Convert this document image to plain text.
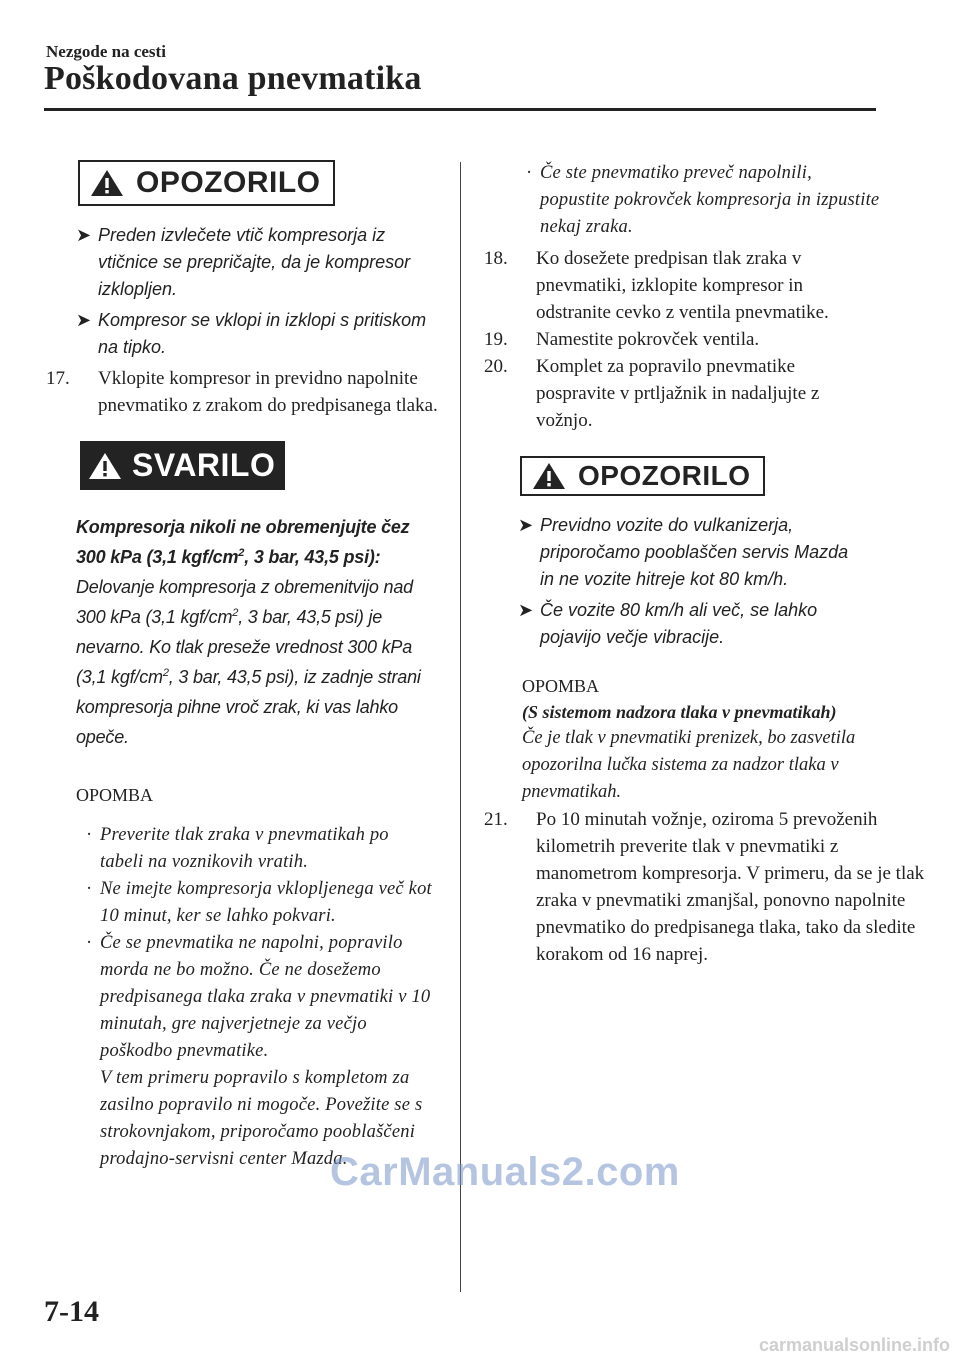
Nezgode na cesti
Poškodovana pnevmatika
OPOZORILO
➤ Preden izvlečete vtič kompresorja iz vtičnice se prepričajte, da je kompresor izklopljen.
➤ Kompresor se vklopi in izklopi s pritiskom na tipko.
17. Vklopite kompresor in previdno napolnite pnevmatiko z zrakom do predpisanega tlaka.
SVARILO
Kompresorja nikoli ne obremenjujte čez 300 kPa (3,1 kgf/$cm^2$, 3 bar, 43,5 psi):
Delovanje kompresorja z obremenitvijo nad 300 kPa (3,1 kgf/$cm^2$, 3 bar, 43,5 psi) je nevarno. Ko tlak preseže vrednost 300 kPa (3,1 kgf/$cm^2$, 3 bar, 43,5 psi), iz zadnje strani kompresorja pihne vroč zrak, ki vas lahko opeče.
OPOMBA
· Preverite tlak zraka v pnevmatikah po tabeli na voznikovih vratih.
· Ne imejte kompresorja vklopljenega več kot 10 minut, ker se lahko pokvari.
· Če se pnevmatika ne napolni, popravilo morda ne bo možno. Če ne dosežemo predpisanega tlaka zraka v pnevmatiki v 10 minutah, gre najverjetneje za večjo poškodbo pnevmatike.
V tem primeru popravilo s kompletom za zasilno popravilo ni mogoče. Povežite se s strokovnjakom, priporočamo pooblaščeni prodajno-servisni center Mazda.
· Če ste pnevmatiko preveč napolnili, popustite pokrovček kompresorja in izpustite nekaj zraka.
18. Ko dosežete predpisan tlak zraka v pnevmatiki, izklopite kompresor in odstranite cevko z ventila pnevmatike.
19. Namestite pokrovček ventila.
20. Komplet za popravilo pnevmatike pospravite v prtljažnik in nadaljujte z vožnjo.
OPOZORILO
➤ Previdno vozite do vulkanizerja, priporočamo pooblaščen servis Mazda in ne vozite hitreje kot 80 km/h.
➤ Če vozite 80 km/h ali več, se lahko pojavijo večje vibracije.
OPOMBA
(S sistemom nadzora tlaka v pnevmatikah)
Če je tlak v pnevmatiki prenizek, bo zasvetila opozorilna lučka sistema za nadzor tlaka v pnevmatikah.
21. Po 10 minutah vožnje, oziroma 5 prevoženih kilometrih preverite tlak v pnevmatiki z manometrom kompresorja. V primeru, da se je tlak zraka v pnevmatiki zmanjšal, ponovno napolnite pnevmatiko do predpisanega tlaka, tako da sledite korakom od 16 naprej.
7-14
CarManuals2.com
carmanualsonline.info
